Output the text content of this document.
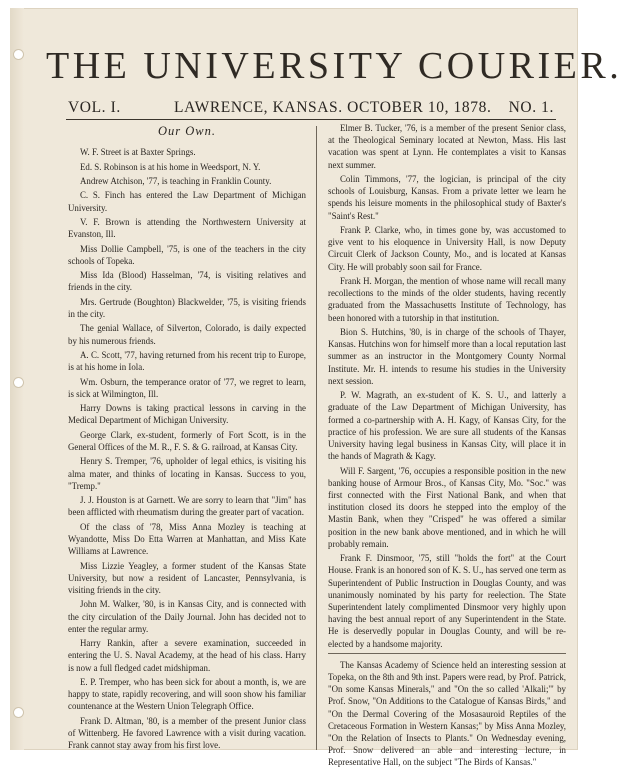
THE UNIVERSITY COURIER.
VOL. I.	LAWRENCE, KANSAS. OCTOBER 10, 1878. NO. 1.
Our Own.

W. F. Street is at Baxter Springs.

Ed. S. Robinson is at his home in Weedsport, N. Y.

Andrew Atchison, '77, is teaching in Franklin County.

C. S. Finch has entered the Law Department of Michigan University.

V. F. Brown is attending the Northwestern University at Evanston, Ill.

Miss Dollie Campbell, '75, is one of the teachers in the city schools of Topeka.

Miss Ida (Blood) Hasselman, '74, is visiting relatives and friends in the city.

Mrs. Gertrude (Boughton) Blackwelder, '75, is visiting friends in the city.

The genial Wallace, of Silverton, Colorado, is daily expected by his numerous friends.

A. C. Scott, '77, having returned from his recent trip to Europe, is at his home in Iola.

Wm. Osburn, the temperance orator of '77, we regret to learn, is sick at Wilmington, Ill.

Harry Downs is taking practical lessons in carving in the Medical Department of Michigan University.

George Clark, ex-student, formerly of Fort Scott, is in the General Offices of the M. R., F. S. & G. railroad, at Kansas City.

Henry S. Tremper, '76, upholder of legal ethics, is visiting his alma mater, and thinks of locating in Kansas. Success to you, "Tremp."

J. J. Houston is at Garnett. We are sorry to learn that "Jim" has been afflicted with rheumatism during the greater part of vacation.

Of the class of '78, Miss Anna Mozley is teaching at Wyandotte, Miss Do Etta Warren at Manhattan, and Miss Kate Williams at Lawrence.

Miss Lizzie Yeagley, a former student of the Kansas State University, but now a resident of Lancaster, Pennsylvania, is visiting friends in the city.

John M. Walker, '80, is in Kansas City, and is connected with the city circulation of the Daily Journal. John has decided not to enter the regular army.

Harry Rankin, after a severe examination, succeeded in entering the U. S. Naval Academy, at the head of his class. Harry is now a full fledged cadet midshipman.

E. P. Tremper, who has been sick for about a month, is, we are happy to state, rapidly recovering, and will soon show his familiar countenance at the Western Union Telegraph Office.

Frank D. Altman, '80, is a member of the present Junior class of Wittenberg. He favored Lawrence with a visit during vacation. Frank cannot stay away from his first love.

Elmer B. Tucker, '76, is a member of the present Senior class, at the Theological Seminary located at Newton, Mass. His last vacation was spent at Lynn. He contemplates a visit to Kansas next summer.

Colin Timmons, '77, the logician, is principal of the city schools of Louisburg, Kansas. From a private letter we learn he spends his leisure moments in the philosophical study of Baxter's "Saint's Rest."

Frank P. Clarke, who, in times gone by, was accustomed to give vent to his eloquence in University Hall, is now Deputy Circuit Clerk of Jackson County, Mo., and is located at Kansas City. He will probably soon sail for France.

Frank H. Morgan, the mention of whose name will recall many recollections to the minds of the older students, having recently graduated from the Massachusetts Institute of Technology, has been honored with a tutorship in that institution.

Bion S. Hutchins, '80, is in charge of the schools of Thayer, Kansas. Hutchins won for himself more than a local reputation last summer as an instructor in the Montgomery County Normal Institute. Mr. H. intends to resume his studies in the University next session.

P. W. Magrath, an ex-student of K. S. U., and latterly a graduate of the Law Department of Michigan University, has formed a co-partnership with A. H. Kagy, of Kansas City, for the practice of his profession. We are sure all students of the Kansas University having legal business in Kansas City, will place it in the hands of Magrath & Kagy.

Will F. Sargent, '76, occupies a responsible position in the new banking house of Armour Bros., of Kansas City, Mo. "Soc." was first connected with the First National Bank, and when that institution closed its doors he stepped into the employ of the Mastin Bank, when they "Crisped" he was offered a similar position in the new bank above mentioned, and in which he will probably remain.

Frank F. Dinsmoor, '75, still "holds the fort" at the Court House. Frank is an honored son of K. S. U., has served one term as Superintendent of Public Instruction in Douglas County, and was unanimously nominated by his party for reelection. The State Superintendent lately complimented Dinsmoor very highly upon having the best annual report of any Superintendent in the State. He is deservedly popular in Douglas County, and will be re-elected by a handsome majority.

The Kansas Academy of Science held an interesting session at Topeka, on the 8th and 9th inst. Papers were read, by Prof. Patrick, "On some Kansas Minerals," and "On the so called 'Alkali;'" by Prof. Snow, "On Additions to the Catalogue of Kansas Birds," and "On the Dermal Covering of the Mosasauroid Reptiles of the Cretaceous Formation in Western Kansas;" by Miss Anna Mozley, "On the Relation of Insects to Plants." On Wednesday evening, Prof. Snow delivered an able and interesting lecture, in Representative Hall, on the subject "The Birds of Kansas."
